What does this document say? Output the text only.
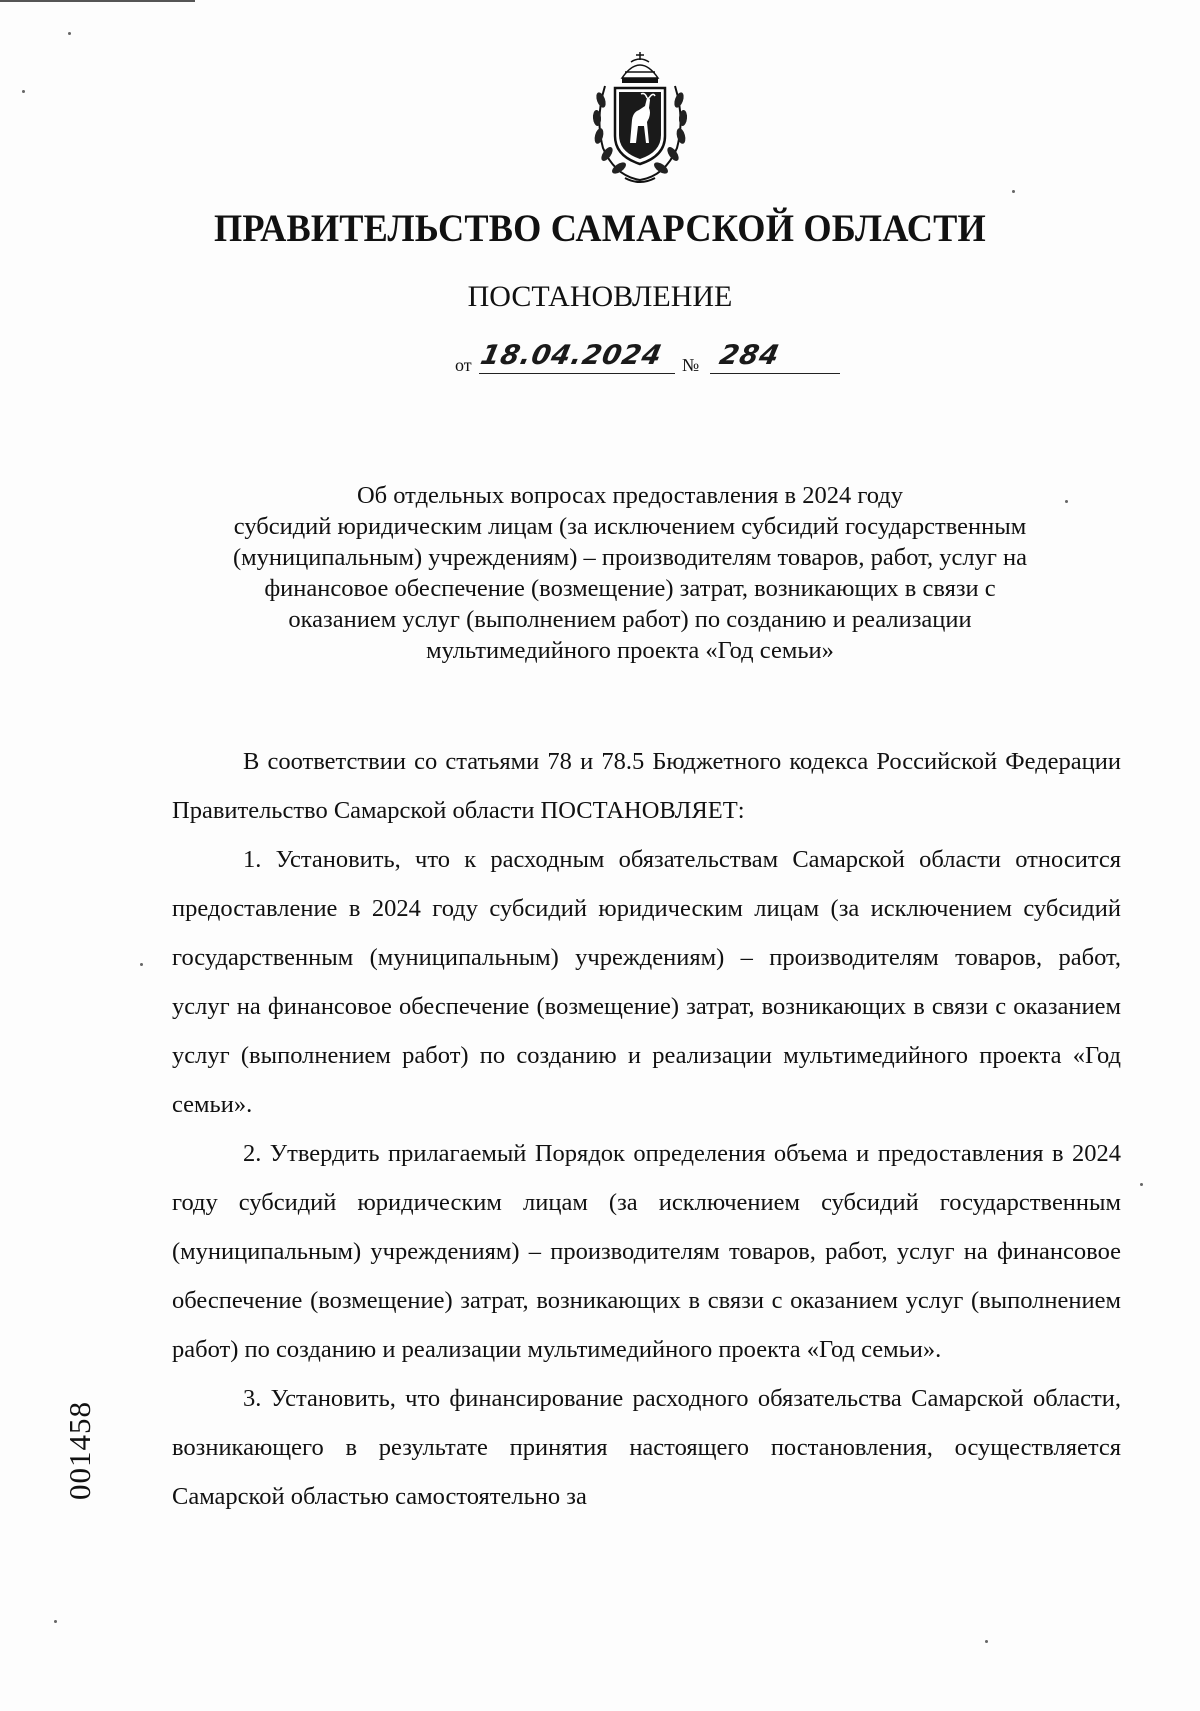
ПРАВИТЕЛЬСТВО САМАРСКОЙ ОБЛАСТИ
ПОСТАНОВЛЕНИЕ
от 18.04.2024 № 284
Об отдельных вопросах предоставления в 2024 году
субсидий юридическим лицам (за исключением субсидий государственным
(муниципальным) учреждениям) – производителям товаров, работ, услуг на
финансовое обеспечение (возмещение) затрат, возникающих в связи с
оказанием услуг (выполнением работ) по созданию и реализации
мультимедийного проекта «Год семьи»

В соответствии со статьями 78 и 78.5 Бюджетного кодекса Российской Федерации Правительство Самарской области ПОСТАНОВЛЯЕТ:

1. Установить, что к расходным обязательствам Самарской области относится предоставление в 2024 году субсидий юридическим лицам (за исключением субсидий государственным (муниципальным) учреждениям) – производителям товаров, работ, услуг на финансовое обеспечение (возмещение) затрат, возникающих в связи с оказанием услуг (выполнением работ) по созданию и реализации мультимедийного проекта «Год семьи».

2. Утвердить прилагаемый Порядок определения объема и предоставления в 2024 году субсидий юридическим лицам (за исключением субсидий государственным (муниципальным) учреждениям) – производителям товаров, работ, услуг на финансовое обеспечение (возмещение) затрат, возникающих в связи с оказанием услуг (выполнением работ) по созданию и реализации мультимедийного проекта «Год семьи».

3. Установить, что финансирование расходного обязательства Самарской области, возникающего в результате принятия настоящего постановления, осуществляется Самарской областью самостоятельно за

001458
